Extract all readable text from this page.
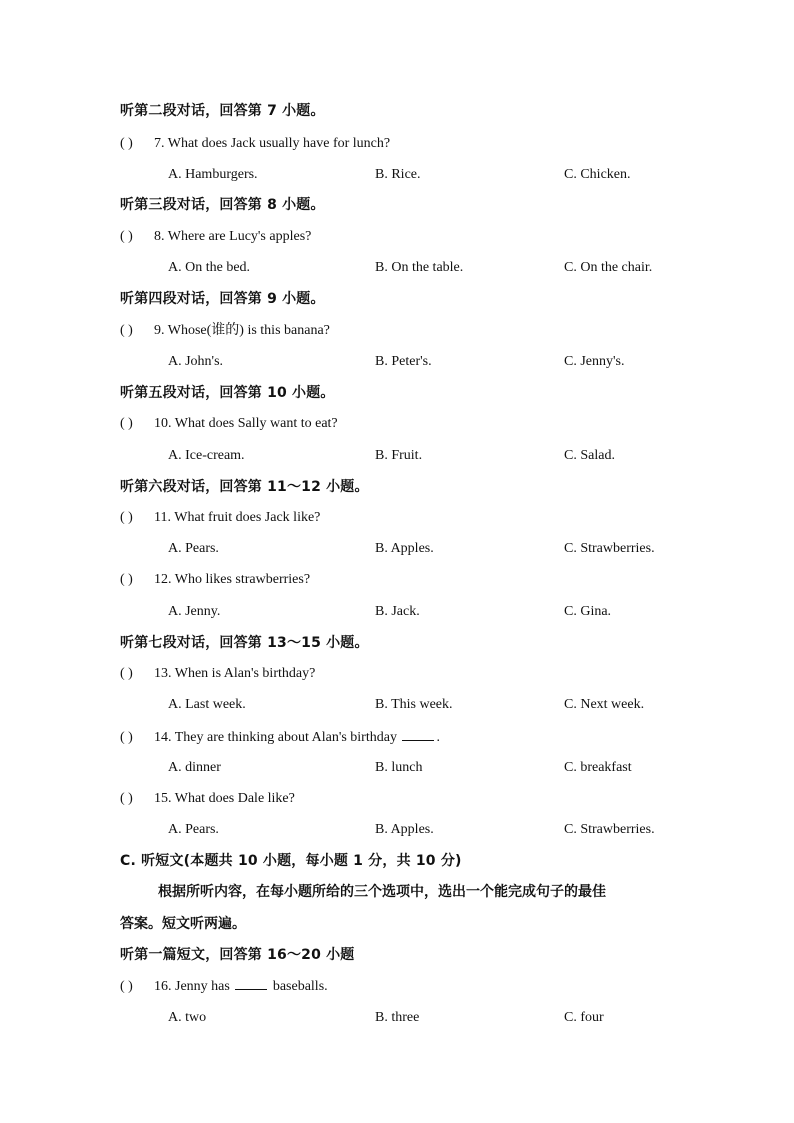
听第二段对话，回答第 7 小题。
( ) 7. What does Jack usually have for lunch?
A. Hamburgers.	B. Rice.	C. Chicken.
听第三段对话，回答第 8 小题。
( ) 8. Where are Lucy's apples?
A. On the bed.	B. On the table.	C. On the chair.
听第四段对话，回答第 9 小题。
( ) 9. Whose(谁的) is this banana?
A. John's.	B. Peter's.	C. Jenny's.
听第五段对话，回答第 10 小题。
( ) 10. What does Sally want to eat?
A. Ice-cream.	B. Fruit.	C. Salad.
听第六段对话，回答第 11～12 小题。
( ) 11. What fruit does Jack like?
A. Pears.	B. Apples.	C. Strawberries.
( ) 12. Who likes strawberries?
A. Jenny.	B. Jack.	C. Gina.
听第七段对话，回答第 13～15 小题。
( ) 13. When is Alan's birthday?
A. Last week.	B. This week.	C. Next week.
( ) 14. They are thinking about Alan's birthday	.
A. dinner	B. lunch	C. breakfast
( ) 15. What does Dale like?
A. Pears.	B. Apples.	C. Strawberries.
C. 听短文(本题共 10 小题，每小题 1 分，共 10 分)
根据所听内容，在每小题所给的三个选项中，选出一个能完成句子的最佳
答案。短文听两遍。
听第一篇短文，回答第 16～20 小题
( ) 16. Jenny has	baseballs.
A. two	B. three	C. four
